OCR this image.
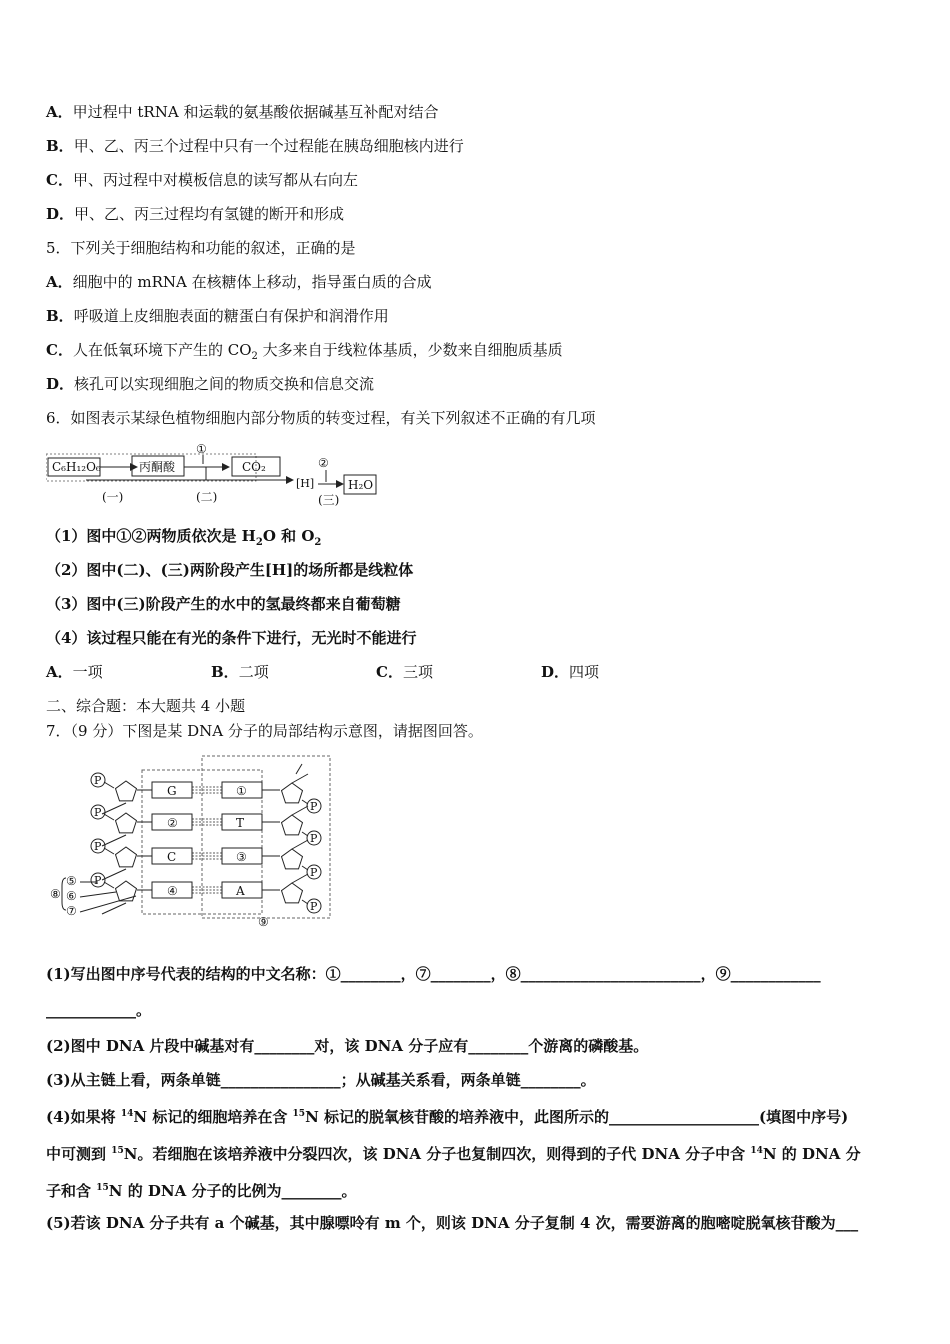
A．甲过程中 tRNA 和运载的氨基酸依据碱基互补配对结合
B．甲、乙、丙三个过程中只有一个过程能在胰岛细胞核内进行
C．甲、丙过程中对模板信息的读写都从右向左
D．甲、乙、丙三过程均有氢键的断开和形成
5．下列关于细胞结构和功能的叙述，正确的是
A．细胞中的 mRNA 在核糖体上移动，指导蛋白质的合成
B．呼吸道上皮细胞表面的糖蛋白有保护和润滑作用
C．人在低氧环境下产生的 $CO_2$ 大多来自于线粒体基质，少数来自细胞质基质
D．核孔可以实现细胞之间的物质交换和信息交流
6．如图表示某绿色植物细胞内部分物质的转变过程，有关下列叙述不正确的有几项
C₆H₁₂O₆	丙酮酸
①
CO₂
[H]
②
H₂O
(一)	(二)	(三)
（1）图中①②两物质依次是 $H_2O$ 和 $O_2$
（2）图中(二)、(三)两阶段产生[H]的场所都是线粒体
（3）图中(三)阶段产生的水中的氢最终都来自葡萄糖
（4）该过程只能在有光的条件下进行，无光时不能进行
A．一项	B．二项	C．三项	D．四项
二、综合题：本大题共 4 小题
7．（9 分）下图是某 DNA 分子的局部结构示意图，请据图回答。
P
P
P
P
P
P
P
P
G	①
②	T
C	③
④	A
⑧
⑤
⑥
⑦
⑨
(1)写出图中序号代表的结构的中文名称：①________，⑦________，⑧________________________，⑨____________
____________。
(2)图中 DNA 片段中碱基对有________对，该 DNA 分子应有________个游离的磷酸基。
(3)从主链上看，两条单链________________；从碱基关系看，两条单链________。
(4)如果将 $^{14}$N 标记的细胞培养在含 $^{15}$N 标记的脱氧核苷酸的培养液中，此图所示的____________________(填图中序号)
中可测到 $^{15}$N。若细胞在该培养液中分裂四次，该 DNA 分子也复制四次，则得到的子代 DNA 分子中含 $^{14}$N 的 DNA 分
子和含 $^{15}$N 的 DNA 分子的比例为________。
(5)若该 DNA 分子共有 a 个碱基，其中腺嘌呤有 m 个，则该 DNA 分子复制 4 次，需要游离的胞嘧啶脱氧核苷酸为___
